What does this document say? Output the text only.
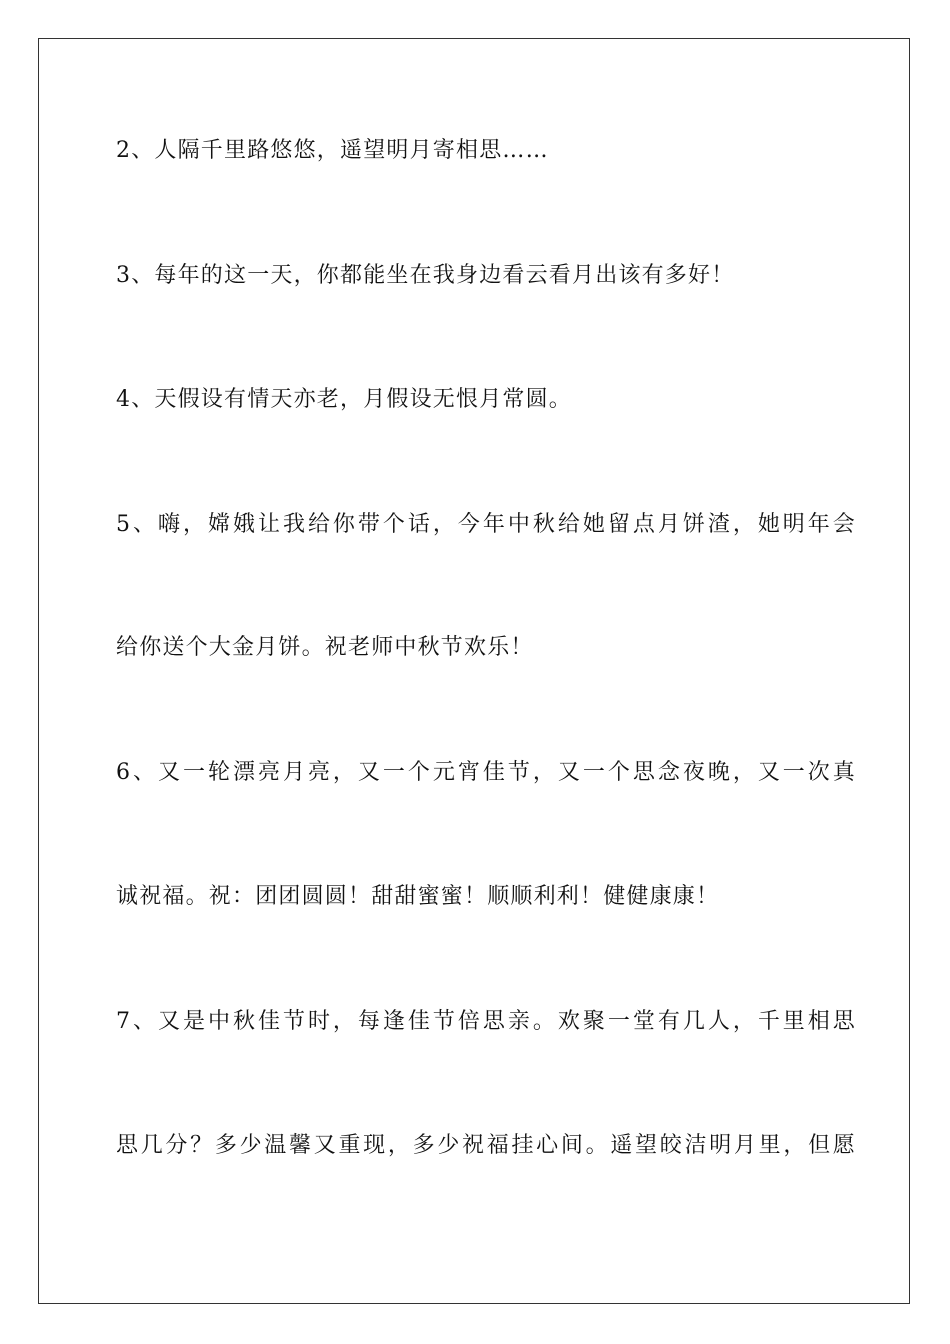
2、人隔千里路悠悠，遥望明月寄相思……
3、每年的这一天，你都能坐在我身边看云看月出该有多好！
4、天假设有情天亦老，月假设无恨月常圆。
5、嗨，嫦娥让我给你带个话，今年中秋给她留点月饼渣，她明年会
给你送个大金月饼。祝老师中秋节欢乐！
6、又一轮漂亮月亮，又一个元宵佳节，又一个思念夜晚，又一次真
诚祝福。祝：团团圆圆！甜甜蜜蜜！顺顺利利！健健康康！
7、又是中秋佳节时，每逢佳节倍思亲。欢聚一堂有几人，千里相思
思几分？多少温馨又重现，多少祝福挂心间。遥望皎洁明月里，但愿
